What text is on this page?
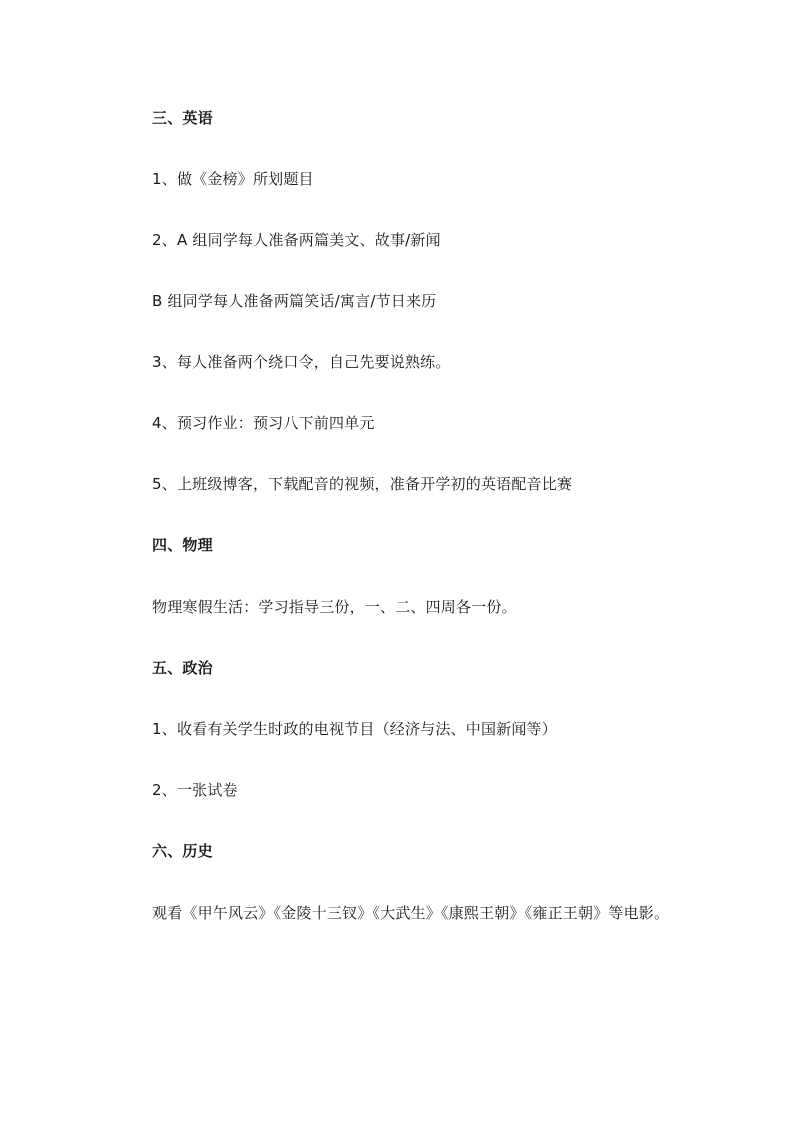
三、英语
1、做《金榜》所划题目
2、A 组同学每人准备两篇美文、故事/新闻
B 组同学每人准备两篇笑话/寓言/节日来历
3、每人准备两个绕口令，自己先要说熟练。
4、预习作业：预习八下前四单元
5、上班级博客，下载配音的视频，准备开学初的英语配音比赛
四、物理
物理寒假生活：学习指导三份，一、二、四周各一份。
五、政治
1、收看有关学生时政的电视节目（经济与法、中国新闻等）
2、一张试卷
六、历史
观看《甲午风云》《金陵十三钗》《大武生》《康熙王朝》《雍正王朝》等电影。
